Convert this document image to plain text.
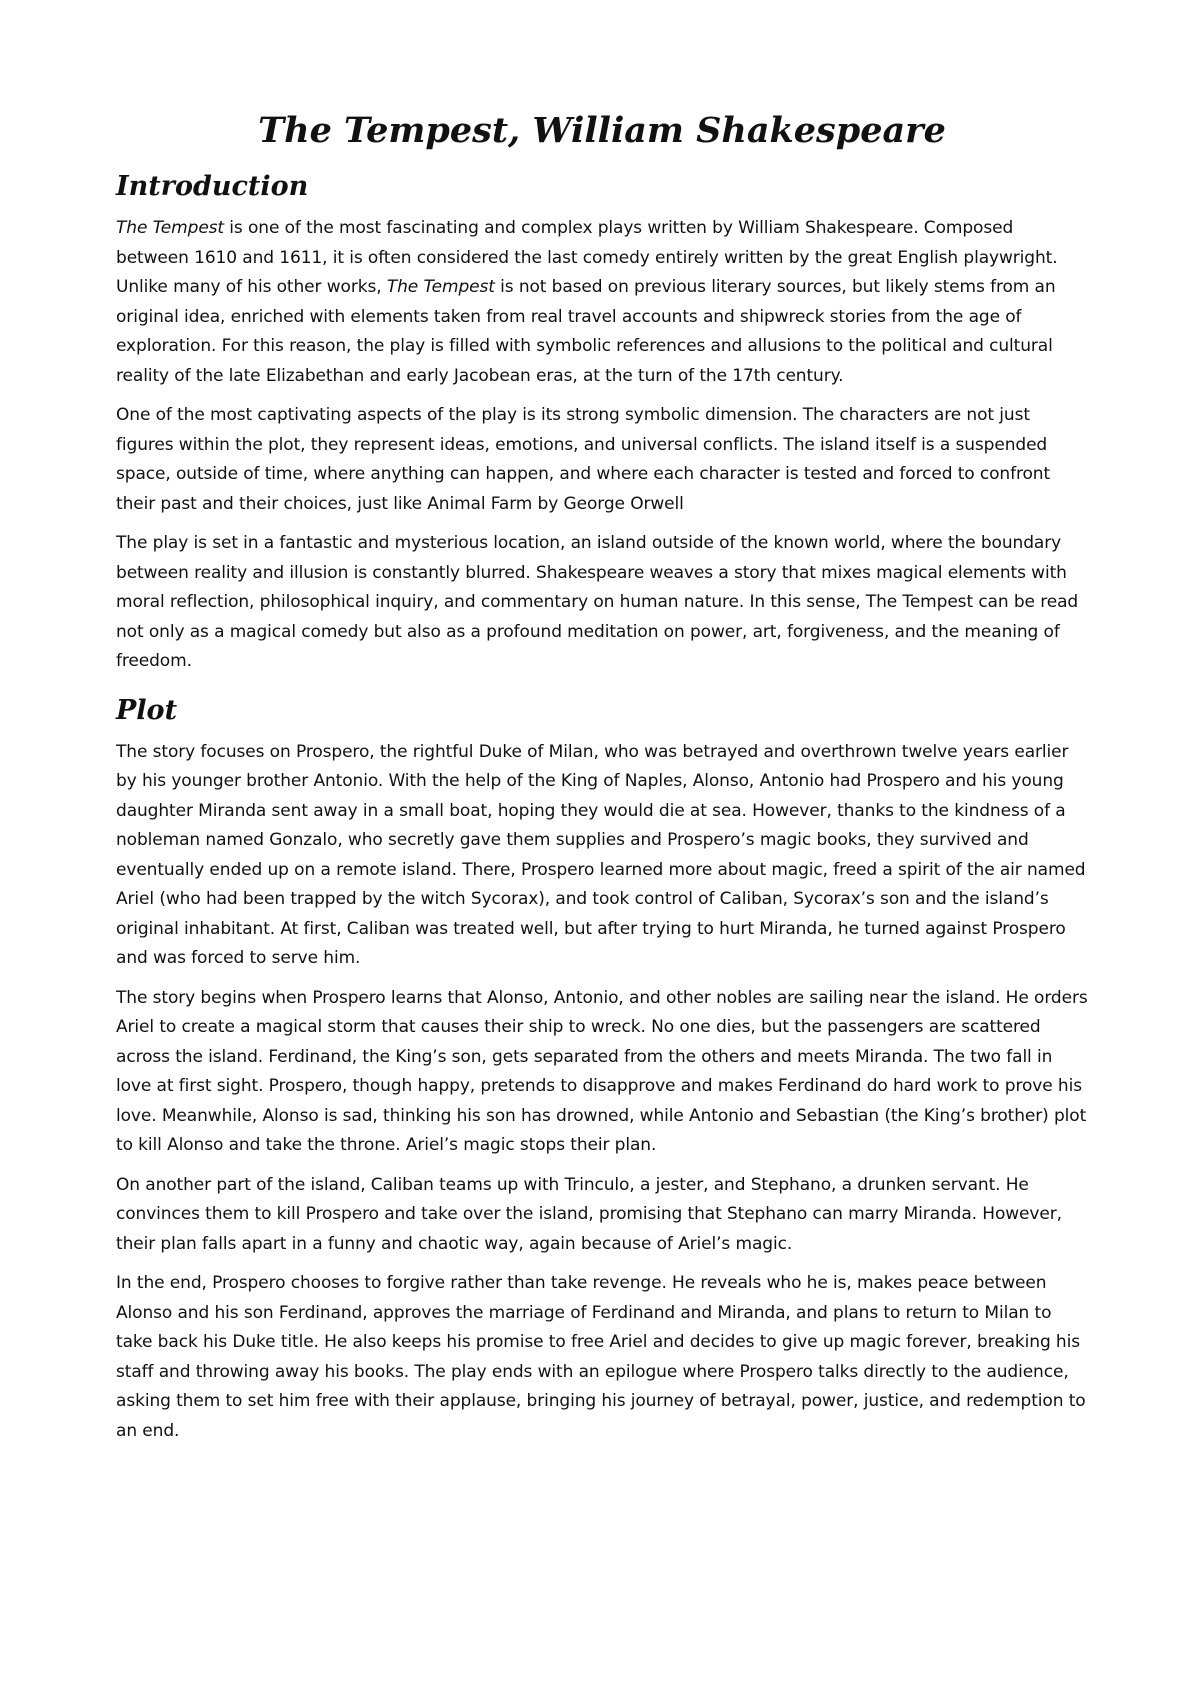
The Tempest, William Shakespeare
Introduction

The Tempest is one of the most fascinating and complex plays written by William Shakespeare. Composed between 1610 and 1611, it is often considered the last comedy entirely written by the great English playwright. Unlike many of his other works, The Tempest is not based on previous literary sources, but likely stems from an original idea, enriched with elements taken from real travel accounts and shipwreck stories from the age of exploration. For this reason, the play is filled with symbolic references and allusions to the political and cultural reality of the late Elizabethan and early Jacobean eras, at the turn of the 17th century.

One of the most captivating aspects of the play is its strong symbolic dimension. The characters are not just figures within the plot, they represent ideas, emotions, and universal conflicts. The island itself is a suspended space, outside of time, where anything can happen, and where each character is tested and forced to confront their past and their choices, just like Animal Farm by George Orwell

The play is set in a fantastic and mysterious location, an island outside of the known world, where the boundary between reality and illusion is constantly blurred. Shakespeare weaves a story that mixes magical elements with moral reflection, philosophical inquiry, and commentary on human nature. In this sense, The Tempest can be read not only as a magical comedy but also as a profound meditation on power, art, forgiveness, and the meaning of freedom.

Plot

The story focuses on Prospero, the rightful Duke of Milan, who was betrayed and overthrown twelve years earlier by his younger brother Antonio. With the help of the King of Naples, Alonso, Antonio had Prospero and his young daughter Miranda sent away in a small boat, hoping they would die at sea. However, thanks to the kindness of a nobleman named Gonzalo, who secretly gave them supplies and Prospero’s magic books, they survived and eventually ended up on a remote island. There, Prospero learned more about magic, freed a spirit of the air named Ariel (who had been trapped by the witch Sycorax), and took control of Caliban, Sycorax’s son and the island’s original inhabitant. At first, Caliban was treated well, but after trying to hurt Miranda, he turned against Prospero and was forced to serve him.

The story begins when Prospero learns that Alonso, Antonio, and other nobles are sailing near the island. He orders Ariel to create a magical storm that causes their ship to wreck. No one dies, but the passengers are scattered across the island. Ferdinand, the King’s son, gets separated from the others and meets Miranda. The two fall in love at first sight. Prospero, though happy, pretends to disapprove and makes Ferdinand do hard work to prove his love. Meanwhile, Alonso is sad, thinking his son has drowned, while Antonio and Sebastian (the King’s brother) plot to kill Alonso and take the throne. Ariel’s magic stops their plan.

On another part of the island, Caliban teams up with Trinculo, a jester, and Stephano, a drunken servant. He convinces them to kill Prospero and take over the island, promising that Stephano can marry Miranda. However, their plan falls apart in a funny and chaotic way, again because of Ariel’s magic.

In the end, Prospero chooses to forgive rather than take revenge. He reveals who he is, makes peace between Alonso and his son Ferdinand, approves the marriage of Ferdinand and Miranda, and plans to return to Milan to take back his Duke title. He also keeps his promise to free Ariel and decides to give up magic forever, breaking his staff and throwing away his books. The play ends with an epilogue where Prospero talks directly to the audience, asking them to set him free with their applause, bringing his journey of betrayal, power, justice, and redemption to an end.
